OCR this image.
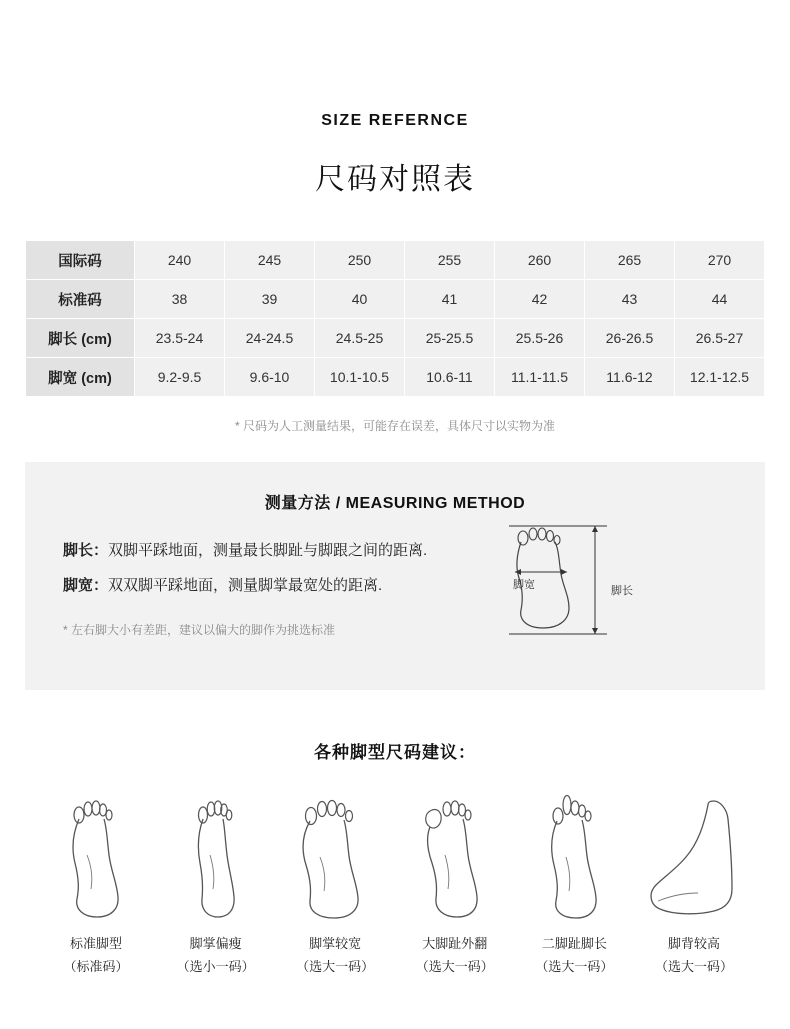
SIZE REFERNCE
尺码对照表
国际码	240	245	250	255	260	265	270
标准码	38	39	40	41	42	43	44
脚长 (cm)	23.5-24	24-24.5	24.5-25	25-25.5	25.5-26	26-26.5	26.5-27
脚宽 (cm)	9.2-9.5	9.6-10	10.1-10.5	10.6-11	11.1-11.5	11.6-12	12.1-12.5
* 尺码为人工测量结果，可能存在误差，具体尺寸以实物为准
测量方法 / MEASURING METHOD
脚长：双脚平踩地面，测量最长脚趾与脚跟之间的距离.
脚宽：双双脚平踩地面，测量脚掌最宽处的距离.
* 左右脚大小有差距，建议以偏大的脚作为挑选标准
脚宽	脚长
各种脚型尺码建议：
标准脚型
（标准码）
脚掌偏瘦
（选小一码）
脚掌较宽
（选大一码）
大脚趾外翻
（选大一码）
二脚趾脚长
（选大一码）
脚背较高
（选大一码）
